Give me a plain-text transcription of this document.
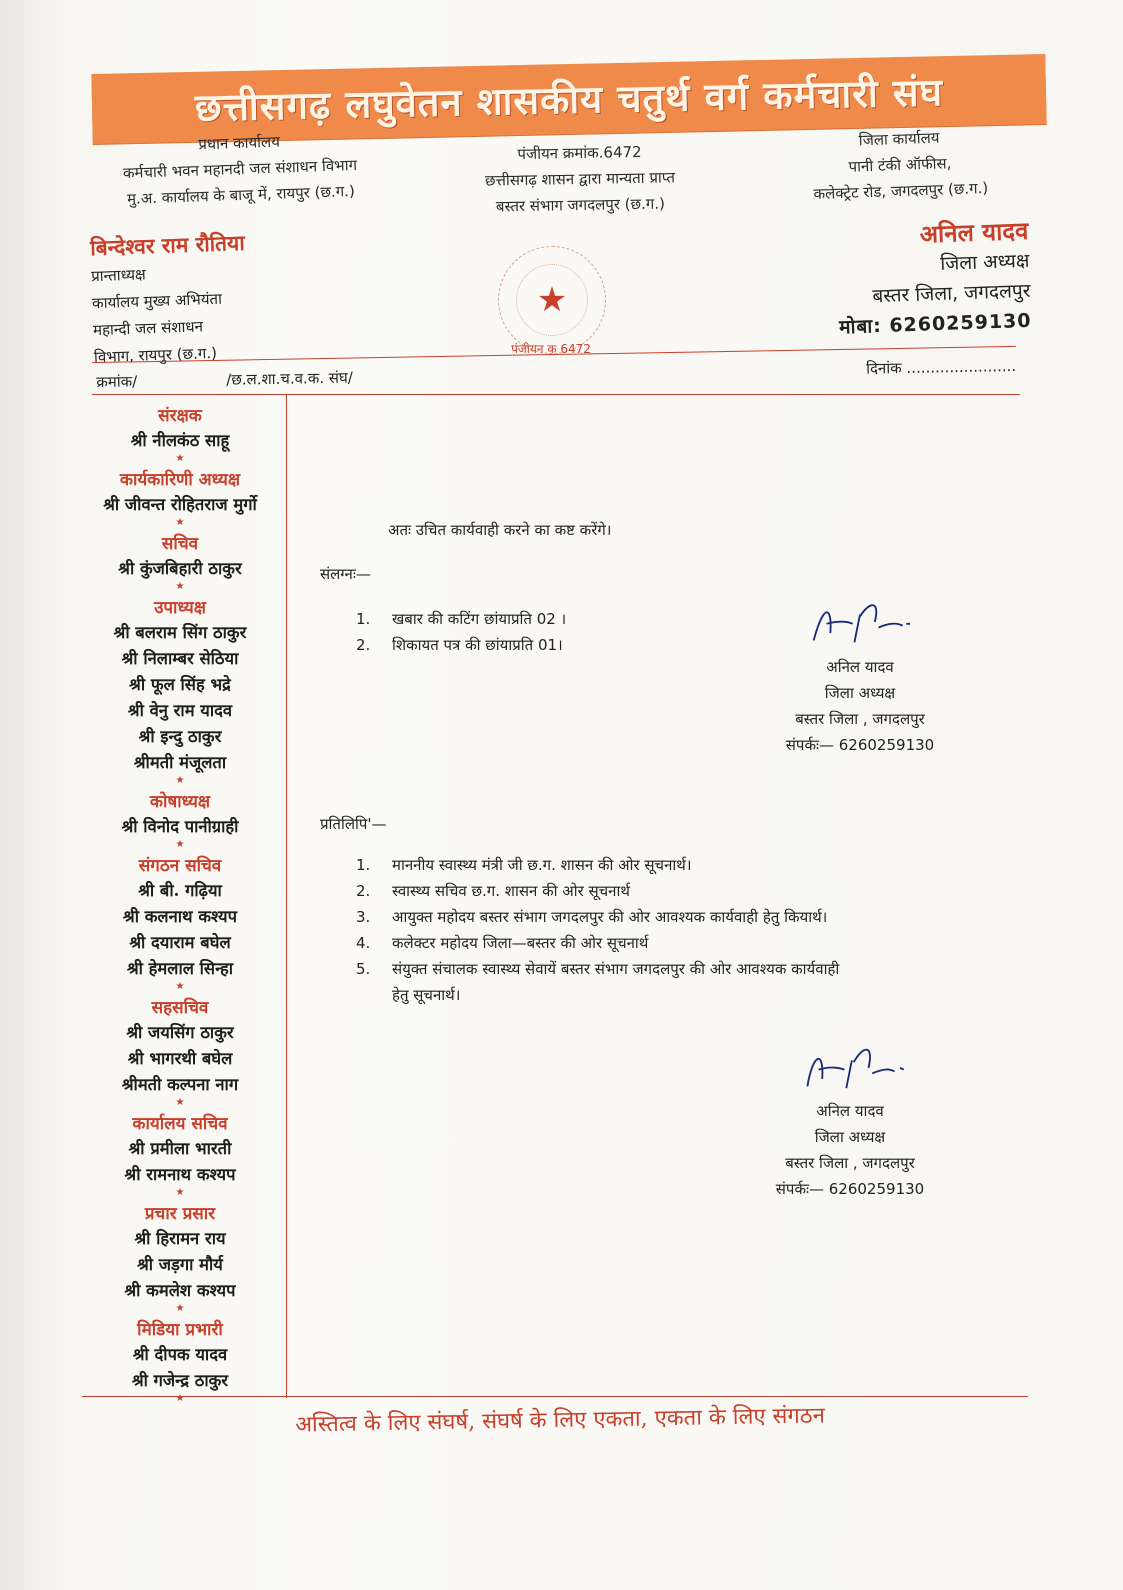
छत्तीसगढ़ लघुवेतन शासकीय चतुर्थ वर्ग कर्मचारी संघ
प्रधान कार्यालय
कर्मचारी भवन महानदी जल संशाधन विभाग
मु.अ. कार्यालय के बाजू में, रायपुर (छ.ग.)
पंजीयन क्रमांक.6472
छत्तीसगढ़ शासन द्वारा मान्यता प्राप्त
बस्तर संभाग जगदलपुर (छ.ग.)
जिला कार्यालय
पानी टंकी ऑफीस,
कलेक्ट्रेट रोड, जगदलपुर (छ.ग.)
बिन्देश्वर राम रौतिया
प्रान्ताध्यक्ष
कार्यालय मुख्य अभियंता
महान्दी जल संशाधन
विभाग, रायपुर (छ.ग.)
★
पंजीयन क 6472
अनिल यादव
जिला अध्यक्ष
बस्तर जिला, जगदलपुर
मोबा: 6260259130
क्रमांक/	/छ.ल.शा.च.व.क. संघ/
दिनांक .......................
संरक्षक
श्री नीलकंठ साहू
★
कार्यकारिणी अध्यक्ष
श्री जीवन्त रोहितराज मुर्गो
★
सचिव
श्री कुंजबिहारी ठाकुर
★
उपाध्यक्ष
श्री बलराम सिंग ठाकुर
श्री निलाम्बर सेठिया
श्री फूल सिंह भद्रे
श्री वेनु राम यादव
श्री इन्दु ठाकुर
श्रीमती मंजूलता
★
कोषाध्यक्ष
श्री विनोद पानीग्राही
★
संगठन सचिव
श्री बी. गढ़िया
श्री कलनाथ कश्यप
श्री दयाराम बघेल
श्री हेमलाल सिन्हा
★
सहसचिव
श्री जयसिंग ठाकुर
श्री भागरथी बघेल
श्रीमती कल्पना नाग
★
कार्यालय सचिव
श्री प्रमीला भारती
श्री रामनाथ कश्यप
★
प्रचार प्रसार
श्री हिरामन राय
श्री जड़गा मौर्य
श्री कमलेश कश्यप
★
मिडिया प्रभारी
श्री दीपक यादव
श्री गजेन्द्र ठाकुर
★
अतः उचित कार्यवाही करने का कष्ट करेंगे।
संलग्नः—
1.	खबार की कटिंग छांयाप्रति 02 ।
2.	शिकायत पत्र की छांयाप्रति 01।
अनिल यादव
जिला अध्यक्ष
बस्तर जिला , जगदलपुर
संपर्कः— 6260259130
प्रतिलिपि'—
1.	माननीय स्वास्थ्य मंत्री जी छ.ग. शासन की ओर सूचनार्थ।
2.	स्वास्थ्य सचिव छ.ग. शासन की ओर सूचनार्थ
3.	आयुक्त महोदय बस्तर संभाग जगदलपुर की ओर आवश्यक कार्यवाही हेतु कियार्थ।
4.	कलेक्टर महोदय जिला—बस्तर की ओर सूचनार्थ
5.	संयुक्त संचालक स्वास्थ्य सेवायें बस्तर संभाग जगदलपुर की ओर आवश्यक कार्यवाही
हेतु सूचनार्थ।
अनिल यादव
जिला अध्यक्ष
बस्तर जिला , जगदलपुर
संपर्कः— 6260259130
अस्तित्व के लिए संघर्ष, संघर्ष के लिए एकता, एकता के लिए संगठन
